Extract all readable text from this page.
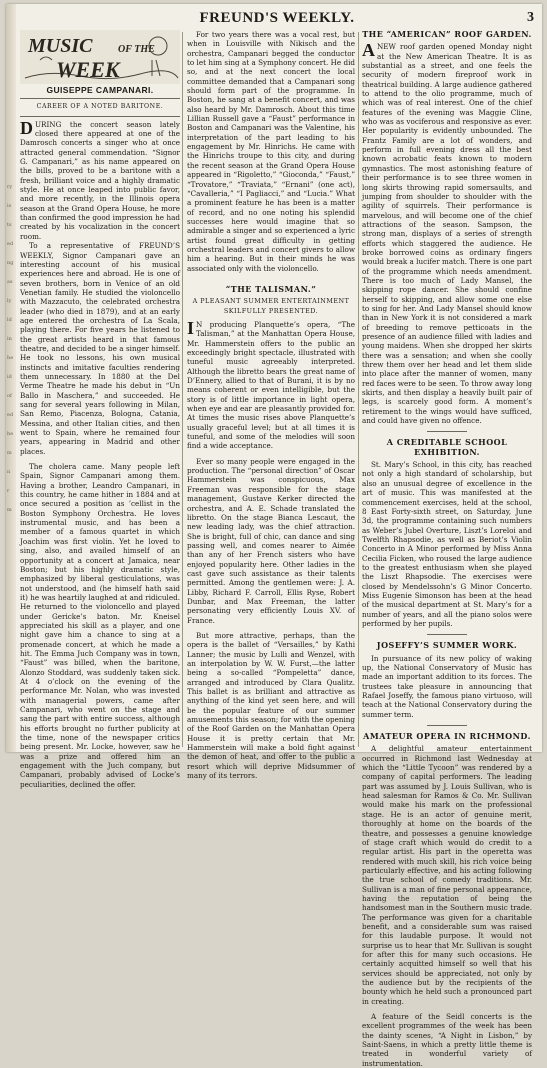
ry
is
ts
ed
ng
as
ly
ld
in
he
id
of
ed
he
m
n
r
m
FREUND'S WEEKLY.	3
MUSIC	OF THE
WEEK
GUISEPPE CAMPANARI.
CAREER OF A NOTED BARITONE.

DURING the concert season lately closed there appeared at one of the Damrosch concerts a singer who at once attracted general commendation. “Signor G. Campanari,” as his name appeared on the bills, proved to be a baritone with a fresh, brilliant voice and a highly dramatic style. He at once leaped into public favor, and more recently, in the Illinois opera season at the Grand Opera House, he more than confirmed the good impression he had created by his vocalization in the concert room.

To a representative of FREUND’S WEEKLY, Signor Campanari gave an interesting account of his musical experiences here and abroad. He is one of seven brothers, born in Venice of an old Venetian family. He studied the violoncello with Mazzacuto, the celebrated orchestra leader (who died in 1879), and at an early age entered the orchestra of La Scala, playing there. For five years he listened to the great artists heard in that famous theatre, and decided to be a singer himself. He took no lessons, his own musical instincts and imitative faculties rendering them unnecessary. In 1880 at the Del Verme Theatre he made his debut in “Un Ballo in Maschera,” and succeeded. He sang for several years following in Milan, San Remo, Piacenza, Bologna, Catania, Messina, and other Italian cities, and then went to Spain, where he remained four years, appearing in Madrid and other places.

The cholera came. Many people left Spain, Signor Campanari among them. Having a brother, Leandro Campanari, in this country, he came hither in 1884 and at once secured a position as ’cellist in the Boston Symphony Orchestra. He loves instrumental music, and has been a member of a famous quartet in which Joachim was first violin. Yet he loved to sing, also, and availed himself of an opportunity at a concert at Jamaica, near Boston; but his highly dramatic style, emphasized by liberal gesticulations, was not understood, and (he himself hath said it) he was heartily laughed at and ridiculed. He returned to the violoncello and played under Gericke’s baton. Mr. Kneisel appreciated his skill as a player, and one night gave him a chance to sing at a promenade concert, at which he made a hit. The Emma Juch Company was in town, “Faust” was billed, when the baritone, Alonzo Stoddard, was suddenly taken sick. At 4 o’clock on the evening of the performance Mr. Nolan, who was invested with managerial powers, came after Campanari, who went on the stage and sang the part with entire success, although his efforts brought no further publicity at the time, none of the newspaper critics being present. Mr. Locke, however, saw he was a prize and offered him an engagement with the Juch company, but Campanari, probably advised of Locke’s peculiarities, declined the offer.

For two years there was a vocal rest, but when in Louisville with Nikisch and the orchestra, Campanari begged the conductor to let him sing at a Symphony concert. He did so, and at the next concert the local committee demanded that a Campanari song should form part of the programme. In Boston, he sang at a benefit concert, and was also heard by Mr. Damrosch. About this time Lillian Russell gave a “Faust” performance in Boston and Campanari was the Valentine, his interpretation of the part leading to his engagement by Mr. Hinrichs. He came with the Hinrichs troupe to this city, and during the recent season at the Grand Opera House appeared in “Rigoletto,” “Gioconda,” “Faust,” “Trovatore,” “Traviata,” “Ernani” (one act), “Cavalleria,” “I Pagliacci,” and “Lucia.” What a prominent feature he has been is a matter of record, and no one noting his splendid successes here would imagine that so admirable a singer and so experienced a lyric artist found great difficulty in getting orchestral leaders and concert givers to allow him a hearing. But in their minds he was associated only with the violoncello.

“THE TALISMAN.”
A PLEASANT SUMMER ENTERTAINMENT SKILFULLY PRESENTED.

I N producing Planquette’s opera, “The Talisman,” at the Manhattan Opera House, Mr. Hammerstein offers to the public an exceedingly bright spectacle, illustrated with tuneful music agreeably interpreted. Although the libretto bears the great name of D’Ennery, allied to that of Burani, it is by no means coherent or even intelligible, but the story is of little importance in light opera, when eye and ear are pleasantly provided for. At times the music rises above Planquette’s usually graceful level; but at all times it is tuneful, and some of the melodies will soon find a wide acceptance.

Ever so many people were engaged in the production. The “personal direction” of Oscar Hammerstein was conspicuous, Max Freeman was responsible for the stage management, Gustave Kerker directed the orchestra, and A. E. Schade translated the libretto. On the stage Bianca Lescaut, the new leading lady, was the chief attraction. She is bright, full of chic, can dance and sing passing well, and comes nearer to Aimée than any of her French sisters who have enjoyed popularity here. Other ladies in the cast gave such assistance as their talents permitted. Among the gentlemen were: J. A. Libby, Richard F. Carroll, Ellis Ryse, Robert Dunbar, and Max Freeman, the latter personating very efficiently Louis XV. of France.

But more attractive, perhaps, than the opera is the ballet of “Versailles,” by Kathi Lanner; the music by Lulli and Wenzel, with an interpolation by W. W. Furst,—the latter being a so-called “Pompeletta” dance, arranged and introduced by Clara Qualitz. This ballet is as brilliant and attractive as anything of the kind yet seen here, and will be the popular feature of our summer amusements this season; for with the opening of the Roof Garden on the Manhattan Opera House it is pretty certain that Mr. Hammerstein will make a bold fight against the demon of heat, and offer to the public a resort which will deprive Midsummer of many of its terrors.

THE “AMERICAN” ROOF GARDEN.

ANEW roof garden opened Monday night at the New American Theatre. It is as substantial as a street, and one feels the security of modern fireproof work in theatrical building. A large audience gathered to attend to the olio programme, much of which was of real interest. One of the chief features of the evening was Maggie Cline, who was as vociferous and responsive as ever. Her popularity is evidently unbounded. The Frantz Family are a lot of wonders, and perform in full evening dress all the best known acrobatic feats known to modern gymnastics. The most astonishing feature of their performance is to see three women in long skirts throwing rapid somersaults, and jumping from shoulder to shoulder with the agility of squirrels. Their performance is marvelous, and will become one of the chief attractions of the season. Sampson, the strong man, displays of a series of strength efforts which staggered the audience. He broke borrowed coins as ordinary fingers would break a lucifer match. There is one part of the programme which needs amendment. There is too much of Lady Mansel, the skipping rope dancer. She should confine herself to skipping, and allow some one else to sing for her. And Lady Mansel should know than in New York it is not considered a mark of breeding to remove petticoats in the presence of an audience filled with ladies and young maidens. When she dropped her skirts there was a sensation; and when she coolly threw them over her head and let them slide into place after the manner of women, many red faces were to be seen. To throw away long skirts, and then display a heavily built pair of legs, is scarcely good form. A moment’s retirement to the wings would have sufficed, and could have given no offence.

A CREDITABLE SCHOOL EXHIBITION.

St. Mary’s School, in this city, has reached not only a high standard of scholarship, but also an unusual degree of excellence in the art of music. This was manifested at the commencement exercises, held at the school, 8 East Forty-sixth street, on Saturday, June 3d, the programme containing such numbers as Weber’s Jubel Overture, Liszt’s Loreloi and Twelfth Rhapsodie, as well as Beriot’s Violin Concerto in A Minor performed by Miss Anna Cecilia Ficken, who roused the large audience to the greatest enthusiasm when she played the Liszt Rhapsodie. The exercises were closed by Mendelssohn’s G Minor Concerto. Miss Eugenie Simonson has been at the head of the musical department at St. Mary’s for a number of years, and all the piano solos were performed by her pupils.

JOSEFFY’S SUMMER WORK.

In pursuance of its new policy of waking up, the National Conservatory of Music has made an important addition to its forces. The trustees take pleasure in announcing that Rafael Joseffy, the famous piano virtuoso, will teach at the National Conservatory during the summer term.

AMATEUR OPERA IN RICHMOND.

A delightful amateur entertainment occurred in Richmond last Wednesday at which the “Little Tycoon” was rendered by a company of capital performers. The leading part was assumed by J. Louis Sullivan, who is head salesman for Ramos & Co. Mr. Sullivan would make his mark on the professional stage. He is an actor of genuine merit, thoroughly at home on the boards of the theatre, and possesses a genuine knowledge of stage craft which would do credit to a regular artist. His part in the operetta was rendered with much skill, his rich voice being particularly effective, and his acting following the true school of comedy traditions. Mr. Sullivan is a man of fine personal appearance, having the reputation of being the handsomest man in the Southern music trade. The performance was given for a charitable benefit, and a considerable sum was raised for this laudable purpose. It would not surprise us to hear that Mr. Sullivan is sought for after this for many such occasions. He certainly acquitted himself so well that his services should be appreciated, not only by the audience but by the recipients of the bounty which he held such a pronounced part in creating.

A feature of the Seidl concerts is the excellent programmes of the week has been the dainty scenes, “A Night in Lisbon,” by Saint-Saens, in which a pretty little theme is treated in wonderful variety of instrumentation.
